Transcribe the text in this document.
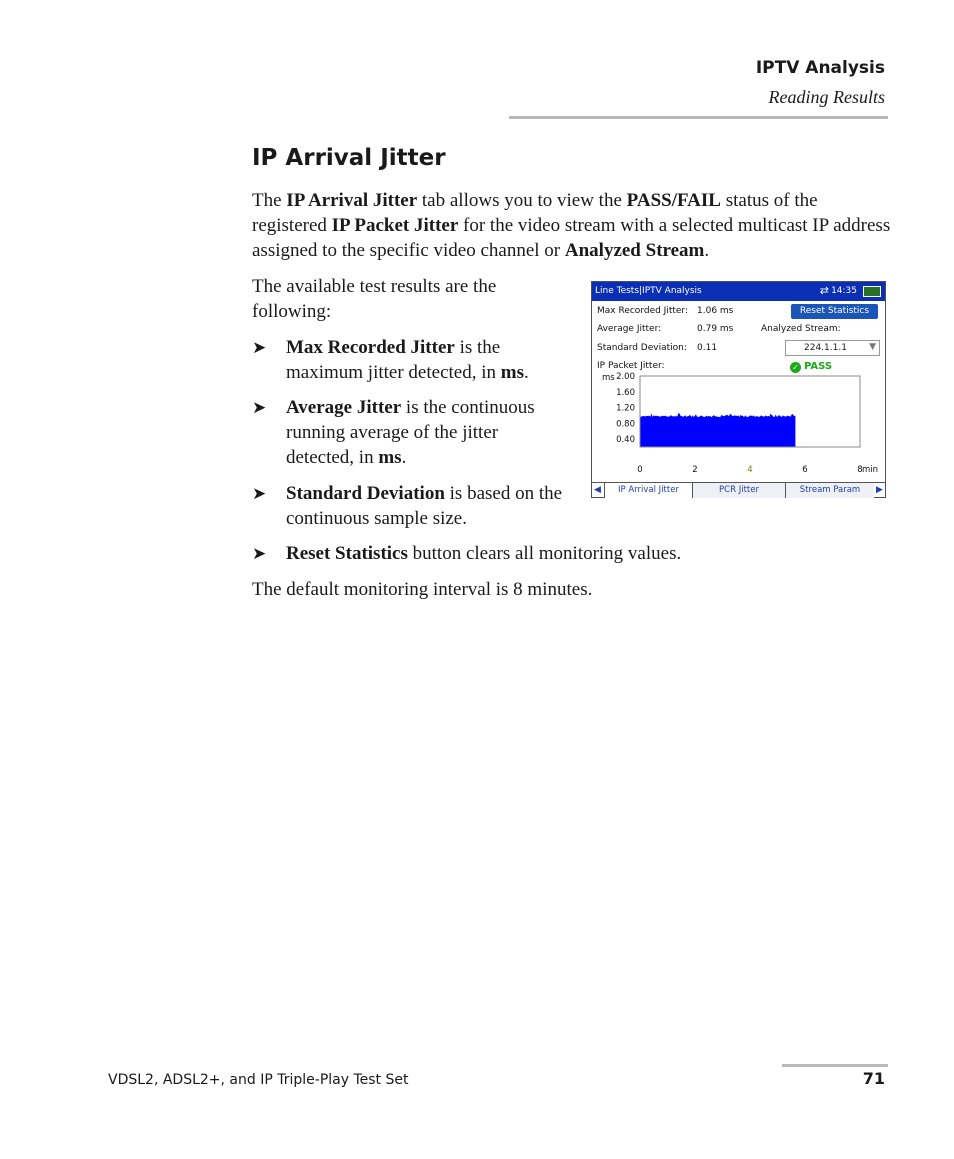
IPTV Analysis
Reading Results
IP Arrival Jitter

The IP Arrival Jitter tab allows you to view the PASS/FAIL status of the registered IP Packet Jitter for the video stream with a selected multicast IP address assigned to the specific video channel or Analyzed Stream.

The available test results are the following:

➤ Max Recorded Jitter is the maximum jitter detected, in ms.
➤ Average Jitter is the continuous running average of the jitter detected, in ms.
➤ Standard Deviation is based on the continuous sample size.
➤ Reset Statistics button clears all monitoring values.

The default monitoring interval is 8 minutes.

Line Tests|IPTV Analysis	⇄ 14:35
Max Recorded Jitter: 1.06 ms
Average Jitter:	0.79 ms
Standard Deviation: 0.11
Reset Statistics
Analyzed Stream:
224.1.1.1 ▼
IP Packet Jitter:	✓ PASS
ms 2.00
1.60
1.20
0.80
0.40
0	2	4	6	8 min
◀	IP Arrival Jitter	PCR Jitter	Stream Param	▶
VDSL2, ADSL2+, and IP Triple-Play Test Set	71
